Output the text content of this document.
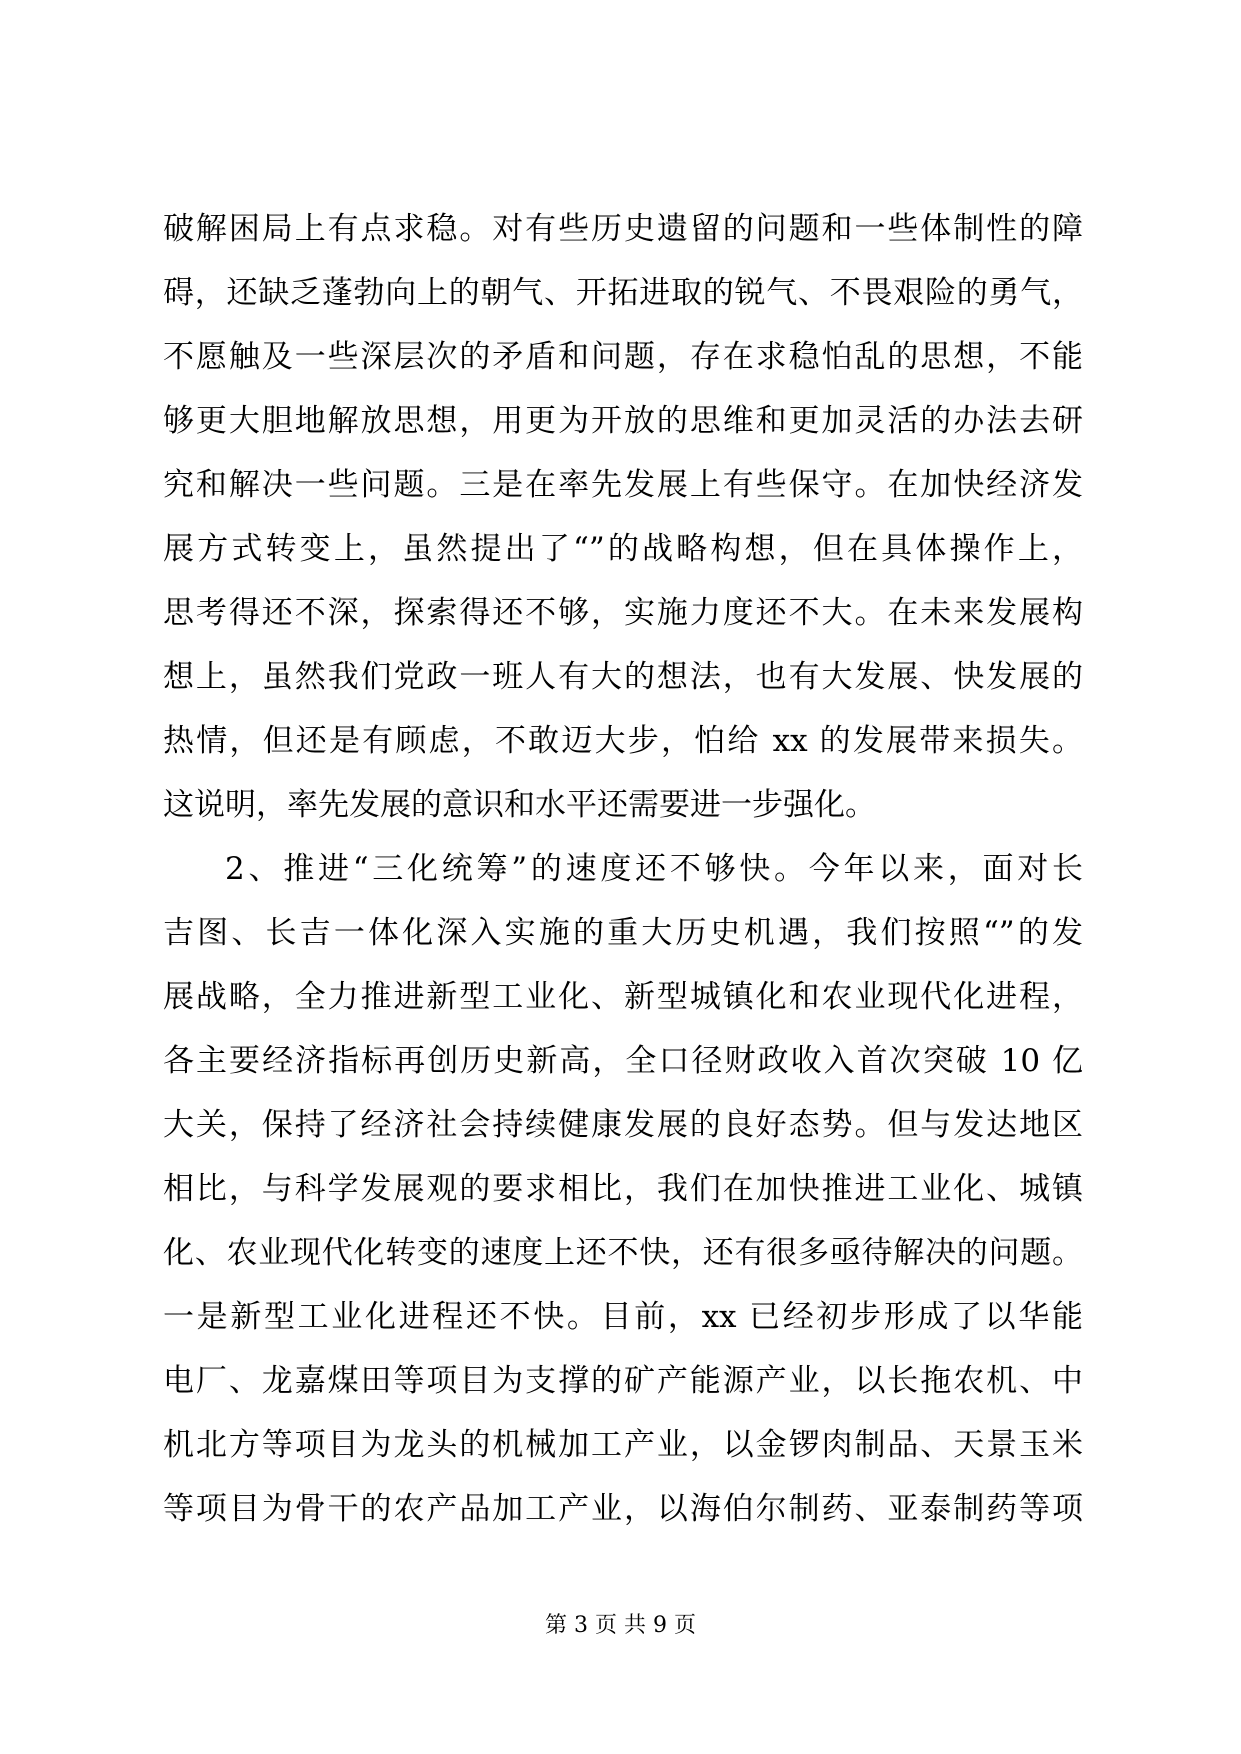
破解困局上有点求稳。对有些历史遗留的问题和一些体制性的障
碍，还缺乏蓬勃向上的朝气、开拓进取的锐气、不畏艰险的勇气，
不愿触及一些深层次的矛盾和问题，存在求稳怕乱的思想，不能
够更大胆地解放思想，用更为开放的思维和更加灵活的办法去研
究和解决一些问题。三是在率先发展上有些保守。在加快经济发
展方式转变上，虽然提出了“”的战略构想，但在具体操作上，
思考得还不深，探索得还不够，实施力度还不大。在未来发展构
想上，虽然我们党政一班人有大的想法，也有大发展、快发展的
热情，但还是有顾虑，不敢迈大步，怕给 xx 的发展带来损失。
这说明，率先发展的意识和水平还需要进一步强化。
2、推进“三化统筹”的速度还不够快。今年以来，面对长
吉图、长吉一体化深入实施的重大历史机遇，我们按照“”的发
展战略，全力推进新型工业化、新型城镇化和农业现代化进程，
各主要经济指标再创历史新高，全口径财政收入首次突破 10 亿
大关，保持了经济社会持续健康发展的良好态势。但与发达地区
相比，与科学发展观的要求相比，我们在加快推进工业化、城镇
化、农业现代化转变的速度上还不快，还有很多亟待解决的问题。
一是新型工业化进程还不快。目前，xx 已经初步形成了以华能
电厂、龙嘉煤田等项目为支撑的矿产能源产业，以长拖农机、中
机北方等项目为龙头的机械加工产业，以金锣肉制品、天景玉米
等项目为骨干的农产品加工产业，以海伯尔制药、亚泰制药等项
第 3 页 共 9 页
